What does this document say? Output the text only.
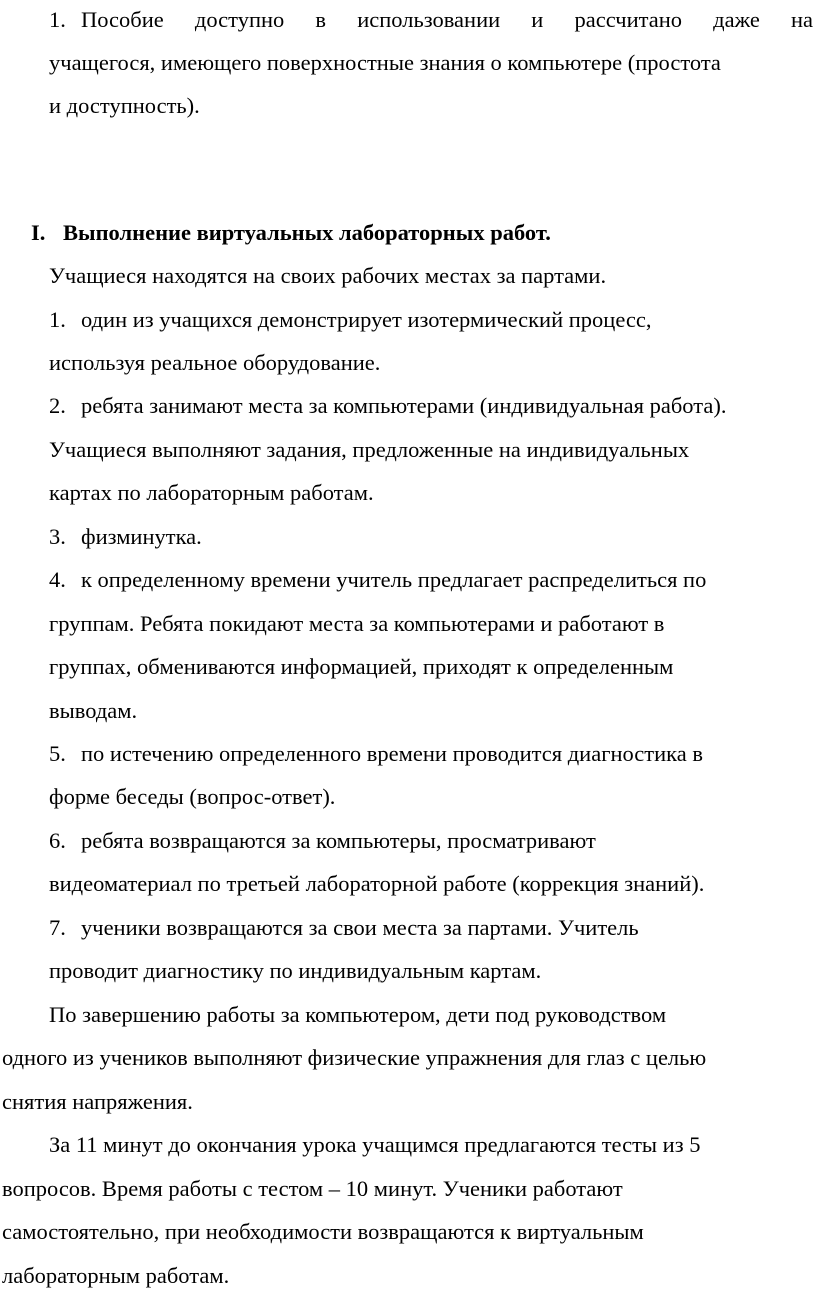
1. Пособие доступно в использовании и рассчитано даже на
учащегося, имеющего поверхностные знания о компьютере (простота
и доступность).
I. Выполнение виртуальных лабораторных работ.
Учащиеся находятся на своих рабочих местах за партами.
1. один из учащихся демонстрирует изотермический процесс,
используя реальное оборудование.
2. ребята занимают места за компьютерами (индивидуальная работа).
Учащиеся выполняют задания, предложенные на индивидуальных
картах по лабораторным работам.
3. физминутка.
4. к определенному времени учитель предлагает распределиться по
группам. Ребята покидают места за компьютерами и работают в
группах, обмениваются информацией, приходят к определенным
выводам.
5. по истечению определенного времени проводится диагностика в
форме беседы (вопрос-ответ).
6. ребята возвращаются за компьютеры, просматривают
видеоматериал по третьей лабораторной работе (коррекция знаний).
7. ученики возвращаются за свои места за партами. Учитель
проводит диагностику по индивидуальным картам.
По завершению работы за компьютером, дети под руководством
одного из учеников выполняют физические упражнения для глаз с целью
снятия напряжения.
За 11 минут до окончания урока учащимся предлагаются тесты из 5
вопросов. Время работы с тестом – 10 минут. Ученики работают
самостоятельно, при необходимости возвращаются к виртуальным
лабораторным работам.
